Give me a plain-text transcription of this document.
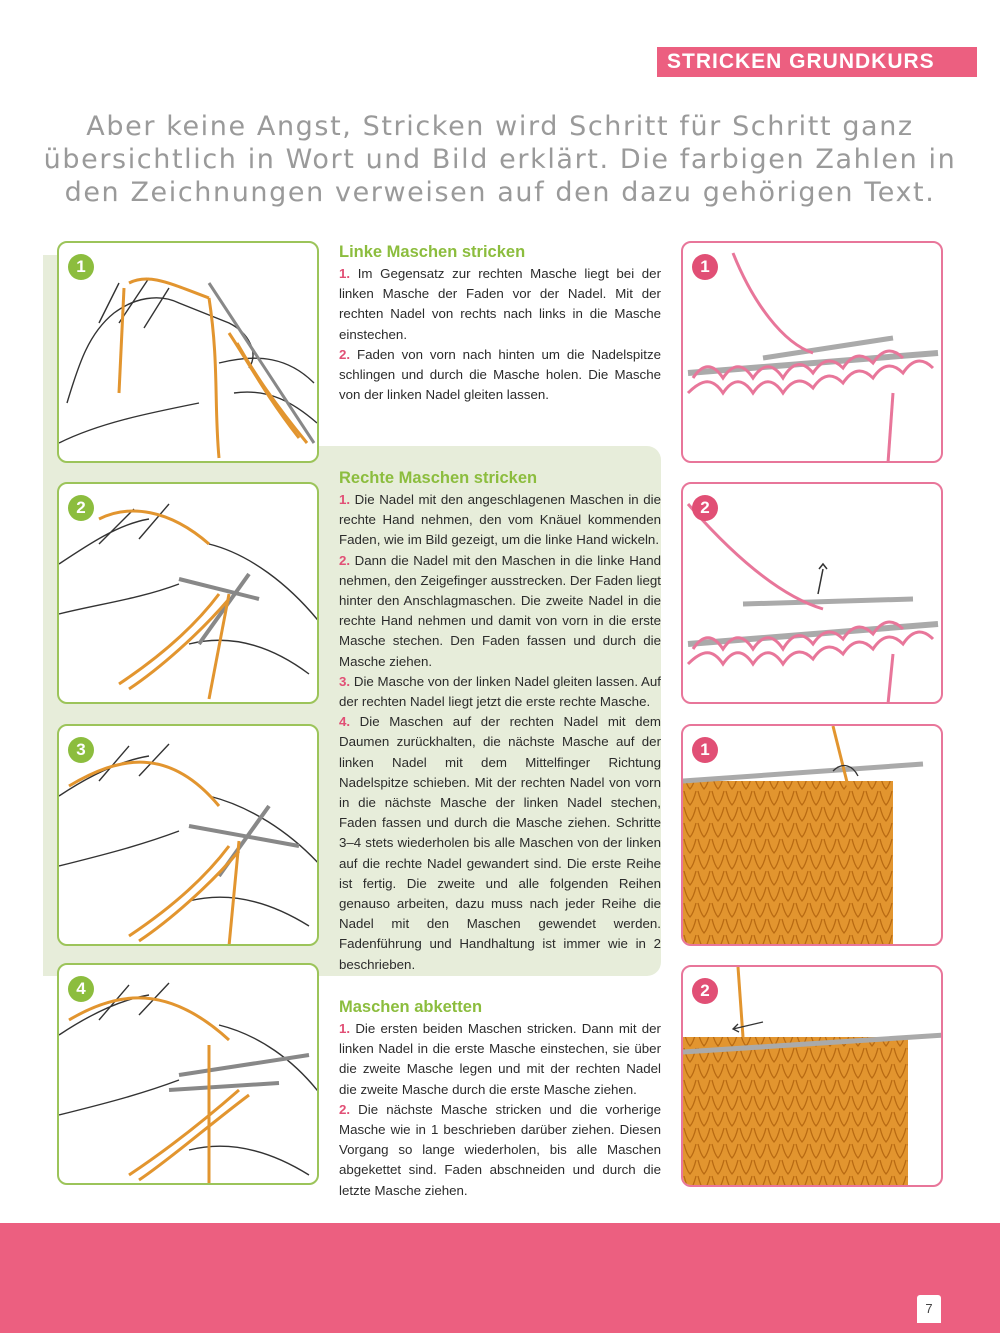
STRICKEN GRUNDKURS
Aber keine Angst, Stricken wird Schritt für Schritt ganz
übersichtlich in Wort und Bild erklärt. Die farbigen Zahlen in
den Zeichnungen verweisen auf den dazu gehörigen Text.
1
2
3
4
1
2
1
2
Linke Maschen stricken

1. Im Gegensatz zur rechten Masche liegt bei der linken Masche der Faden vor der Nadel. Mit der rechten Nadel von rechts nach links in die Masche einstechen.

2. Faden von vorn nach hinten um die Nadelspitze schlingen und durch die Masche holen. Die Masche von der linken Nadel gleiten lassen.

Rechte Maschen stricken

1. Die Nadel mit den angeschlagenen Maschen in die rechte Hand nehmen, den vom Knäuel kommenden Faden, wie im Bild gezeigt, um die linke Hand wickeln.

2. Dann die Nadel mit den Maschen in die linke Hand nehmen, den Zeigefinger ausstrecken. Der Faden liegt hinter den Anschlagmaschen. Die zweite Nadel in die rechte Hand nehmen und damit von vorn in die erste Masche stechen. Den Faden fassen und durch die Masche ziehen.

3. Die Masche von der linken Nadel gleiten lassen. Auf der rechten Nadel liegt jetzt die erste rechte Masche.

4. Die Maschen auf der rechten Nadel mit dem Daumen zurückhalten, die nächste Masche auf der linken Nadel mit dem Mittelfinger Richtung Nadelspitze schieben. Mit der rechten Nadel von vorn in die nächste Masche der linken Nadel stechen, Faden fassen und durch die Masche ziehen. Schritte 3–4 stets wiederholen bis alle Maschen von der linken auf die rechte Nadel gewandert sind. Die erste Reihe ist fertig. Die zweite und alle folgenden Reihen genauso arbeiten, dazu muss nach jeder Reihe die Nadel mit den Maschen gewendet werden. Fadenführung und Handhaltung ist immer wie in 2 beschrieben.

Maschen abketten

1. Die ersten beiden Maschen stricken. Dann mit der linken Nadel in die erste Masche einstechen, sie über die zweite Masche legen und mit der rechten Nadel die zweite Masche durch die erste Masche ziehen.

2. Die nächste Masche stricken und die vorherige Masche wie in 1 beschrieben darüber ziehen. Diesen Vorgang so lange wiederholen, bis alle Maschen abgekettet sind. Faden abschneiden und durch die letzte Masche ziehen.

7
